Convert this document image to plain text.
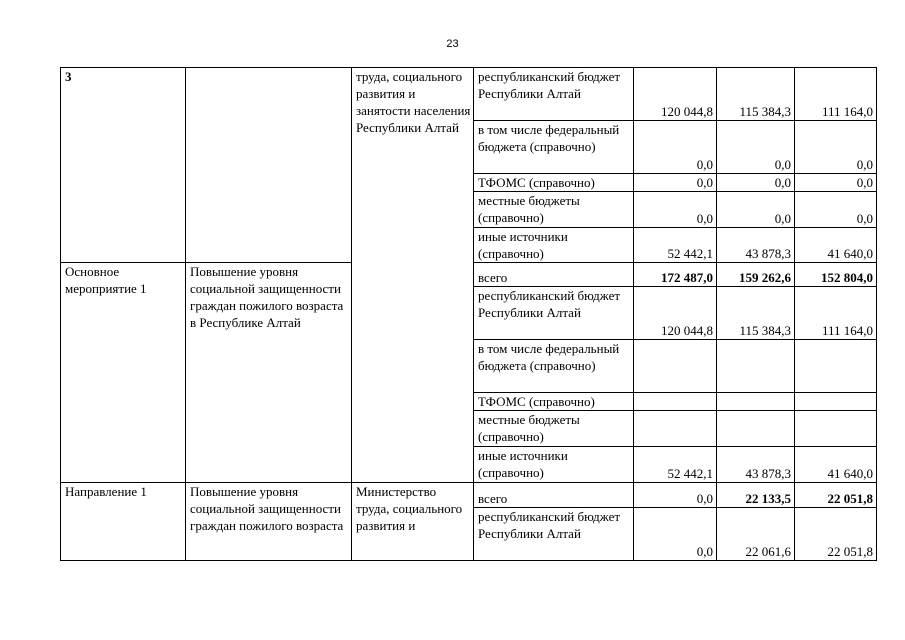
23
3		труда, социального развития и занятости населения Республики Алтай	республиканский бюджет Республики Алтай	120 044,8	115 384,3	111 164,0
			в том числе федеральный бюджета (справочно)	0,0	0,0	0,0
			ТФОМС (справочно)	0,0	0,0	0,0
			местные бюджеты (справочно)	0,0	0,0	0,0
			иные источники (справочно)	52 442,1	43 878,3	41 640,0
Основное мероприятие 1	Повышение уровня социальной защищенности граждан пожилого возраста в Республике Алтай		всего	172 487,0	159 262,6	152 804,0
			республиканский бюджет Республики Алтай	120 044,8	115 384,3	111 164,0
			в том числе федеральный бюджета (справочно)			
			ТФОМС (справочно)			
			местные бюджеты (справочно)			
			иные источники (справочно)	52 442,1	43 878,3	41 640,0
Направление 1	Повышение уровня социальной защищенности граждан пожилого возраста	Министерство труда, социального развития и	всего	0,0	22 133,5	22 051,8
			республиканский бюджет Республики Алтай	0,0	22 061,6	22 051,8
